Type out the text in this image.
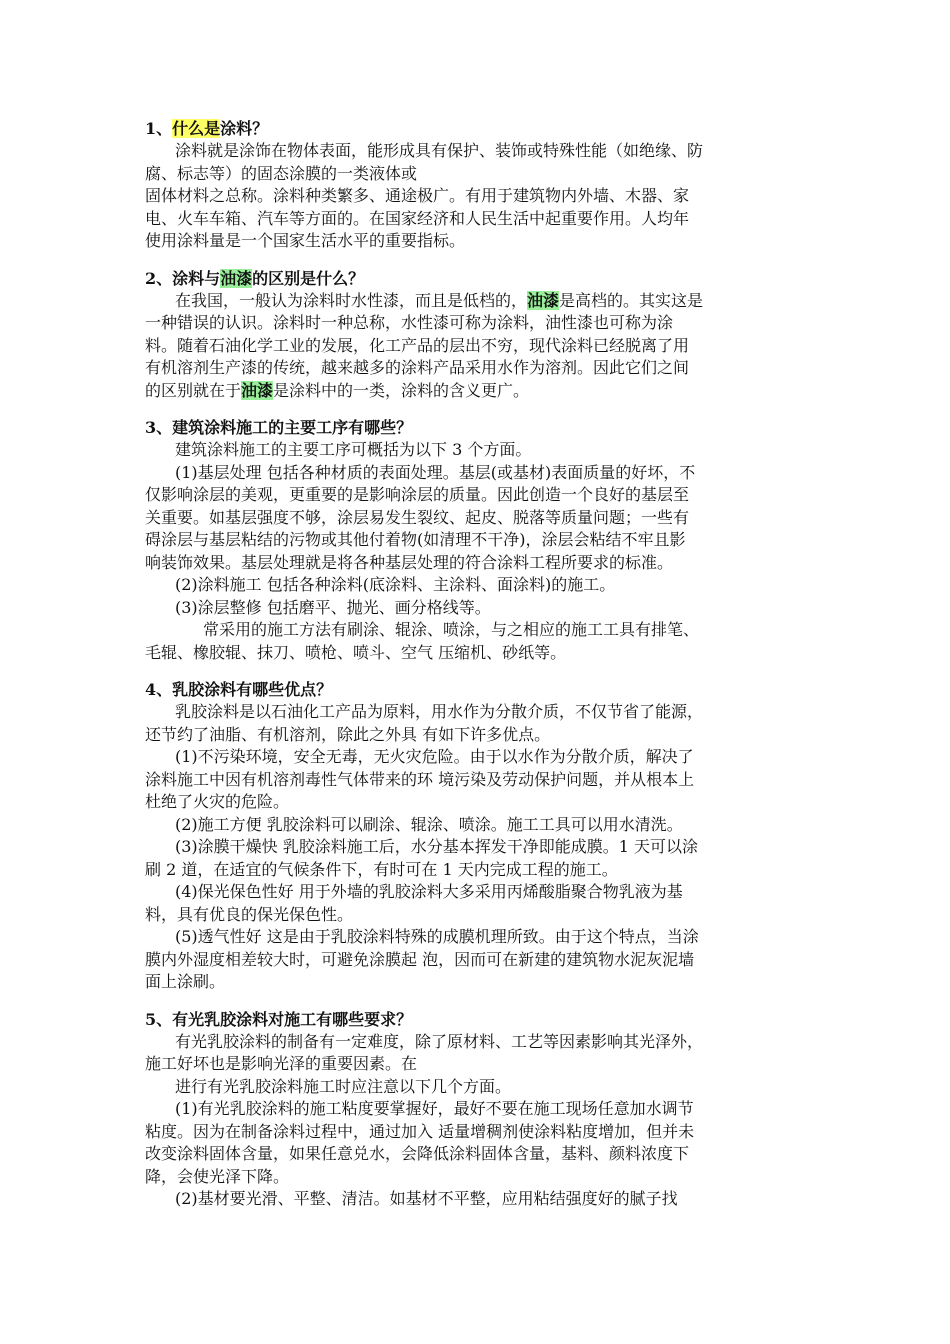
1、什么是涂料？
涂料就是涂饰在物体表面，能形成具有保护、装饰或特殊性能（如绝缘、防
腐、标志等）的固态涂膜的一类液体或
固体材料之总称。涂料种类繁多、通途极广。有用于建筑物内外墙、木器、家
电、火车车箱、汽车等方面的。在国家经济和人民生活中起重要作用。人均年
使用涂料量是一个国家生活水平的重要指标。
2、涂料与油漆的区别是什么？
在我国，一般认为涂料时水性漆，而且是低档的，油漆是高档的。其实这是
一种错误的认识。涂料时一种总称，水性漆可称为涂料，油性漆也可称为涂
料。随着石油化学工业的发展，化工产品的层出不穷，现代涂料已经脱离了用
有机溶剂生产漆的传统，越来越多的涂料产品采用水作为溶剂。因此它们之间
的区别就在于油漆是涂料中的一类，涂料的含义更广。
3、建筑涂料施工的主要工序有哪些？
建筑涂料施工的主要工序可概括为以下 3 个方面。
(1)基层处理 包括各种材质的表面处理。基层(或基材)表面质量的好坏，不
仅影响涂层的美观，更重要的是影响涂层的质量。因此创造一个良好的基层至
关重要。如基层强度不够，涂层易发生裂纹、起皮、脱落等质量问题；一些有
碍涂层与基层粘结的污物或其他付着物(如清理不干净)，涂层会粘结不牢且影
响装饰效果。基层处理就是将各种基层处理的符合涂料工程所要求的标准。
(2)涂料施工 包括各种涂料(底涂料、主涂料、面涂料)的施工。
(3)涂层整修 包括磨平、抛光、画分格线等。
常采用的施工方法有刷涂、辊涂、喷涂，与之相应的施工工具有排笔、
毛辊、橡胶辊、抹刀、喷枪、喷斗、空气 压缩机、砂纸等。
4、乳胶涂料有哪些优点？
乳胶涂料是以石油化工产品为原料，用水作为分散介质，不仅节省了能源，
还节约了油脂、有机溶剂，除此之外具 有如下许多优点。
(1)不污染环境，安全无毒，无火灾危险。由于以水作为分散介质，解决了
涂料施工中因有机溶剂毒性气体带来的环 境污染及劳动保护问题，并从根本上
杜绝了火灾的危险。
(2)施工方便 乳胶涂料可以刷涂、辊涂、喷涂。施工工具可以用水清洗。
(3)涂膜干燥快 乳胶涂料施工后，水分基本挥发干净即能成膜。1 天可以涂
刷 2 道，在适宜的气候条件下，有时可在 1 天内完成工程的施工。
(4)保光保色性好 用于外墙的乳胶涂料大多采用丙烯酸脂聚合物乳液为基
料，具有优良的保光保色性。
(5)透气性好 这是由于乳胶涂料特殊的成膜机理所致。由于这个特点，当涂
膜内外湿度相差较大时，可避免涂膜起 泡，因而可在新建的建筑物水泥灰泥墙
面上涂刷。
5、有光乳胶涂料对施工有哪些要求？
有光乳胶涂料的制备有一定难度，除了原材料、工艺等因素影响其光泽外，
施工好坏也是影响光泽的重要因素。在
进行有光乳胶涂料施工时应注意以下几个方面。
(1)有光乳胶涂料的施工粘度要掌握好，最好不要在施工现场任意加水调节
粘度。因为在制备涂料过程中，通过加入 适量增稠剂使涂料粘度增加，但并未
改变涂料固体含量，如果任意兑水，会降低涂料固体含量，基料、颜料浓度下
降，会使光泽下降。
(2)基材要光滑、平整、清洁。如基材不平整，应用粘结强度好的腻子找
